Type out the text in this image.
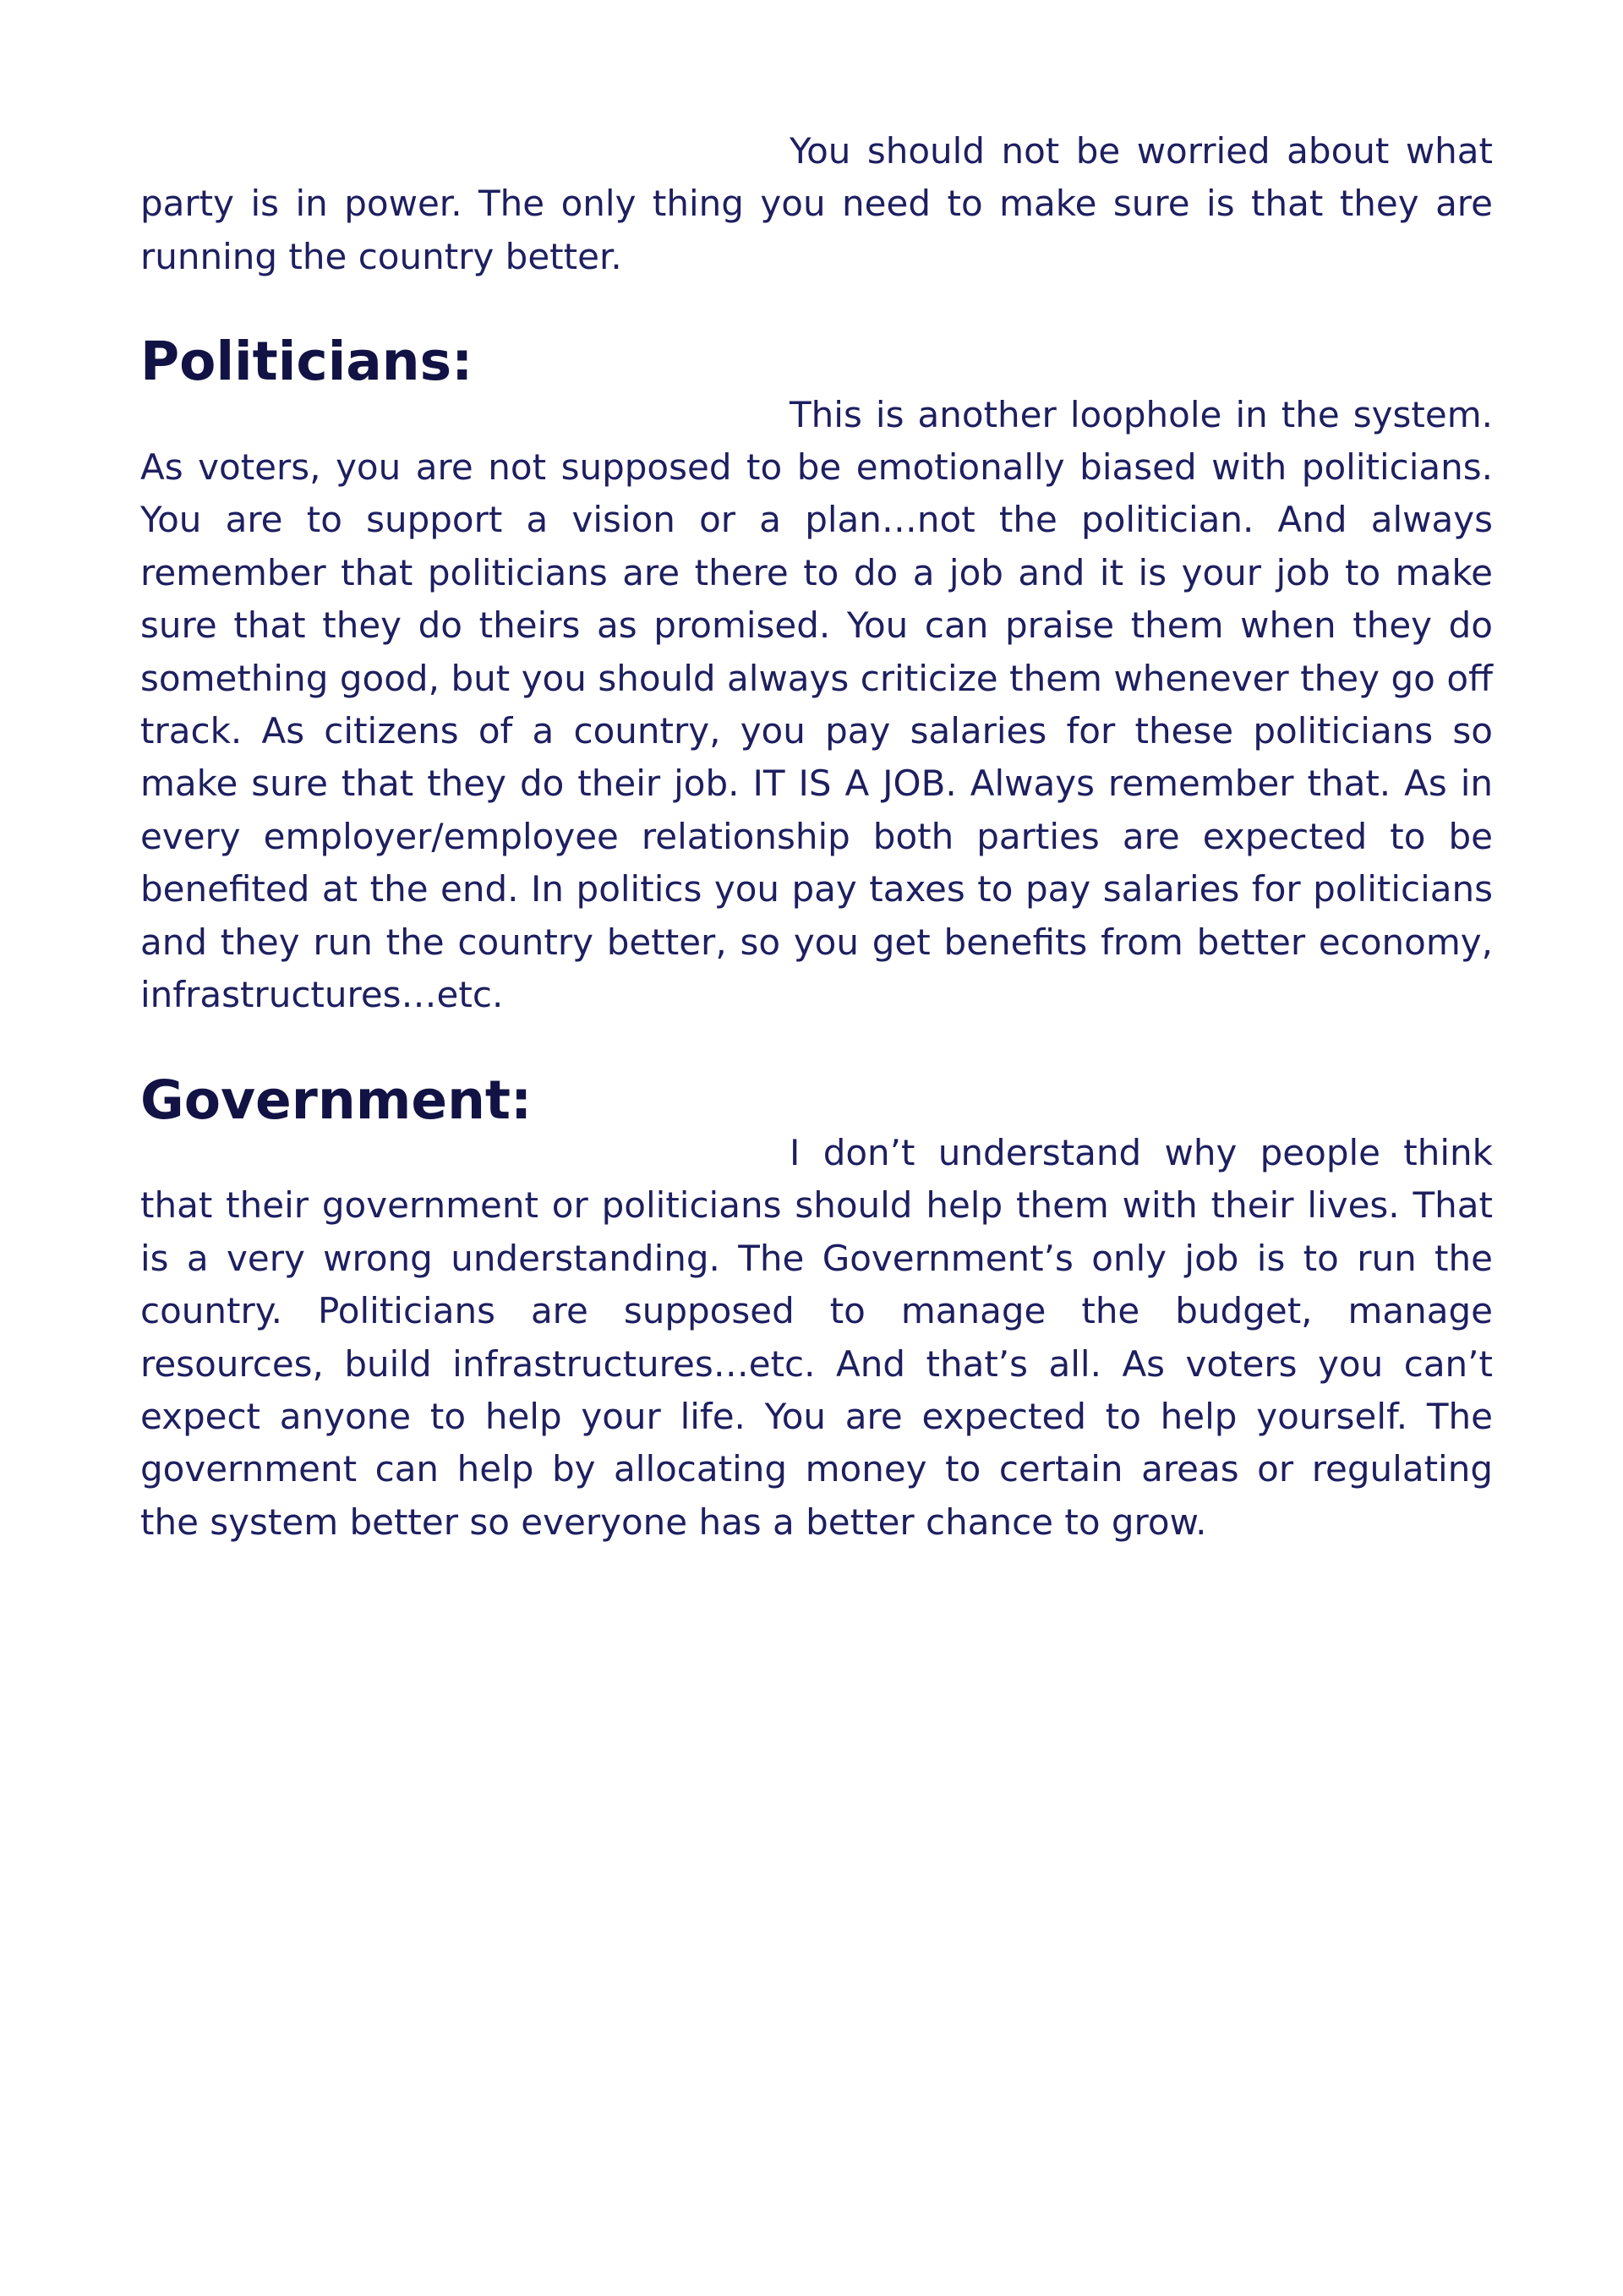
You should not be worried about what party is in power. The only thing you need to make sure is that they are running the country better.

Politicians:

This is another loophole in the system. As voters, you are not supposed to be emotionally biased with politicians. You are to support a vision or a plan…not the politician. And always remember that politicians are there to do a job and it is your job to make sure that they do theirs as promised. You can praise them when they do something good, but you should always criticize them whenever they go off track. As citizens of a country, you pay salaries for these politicians so make sure that they do their job. IT IS A JOB. Always remember that. As in every employer/employee relationship both parties are expected to be benefited at the end. In politics you pay taxes to pay salaries for politicians and they run the country better, so you get benefits from better economy, infrastructures…etc.

Government:

I don’t understand why people think that their government or politicians should help them with their lives. That is a very wrong understanding. The Government’s only job is to run the country. Politicians are supposed to manage the budget, manage resources, build infrastructures…etc. And that’s all. As voters you can’t expect anyone to help your life. You are expected to help yourself. The government can help by allocating money to certain areas or regulating the system better so everyone has a better chance to grow.
